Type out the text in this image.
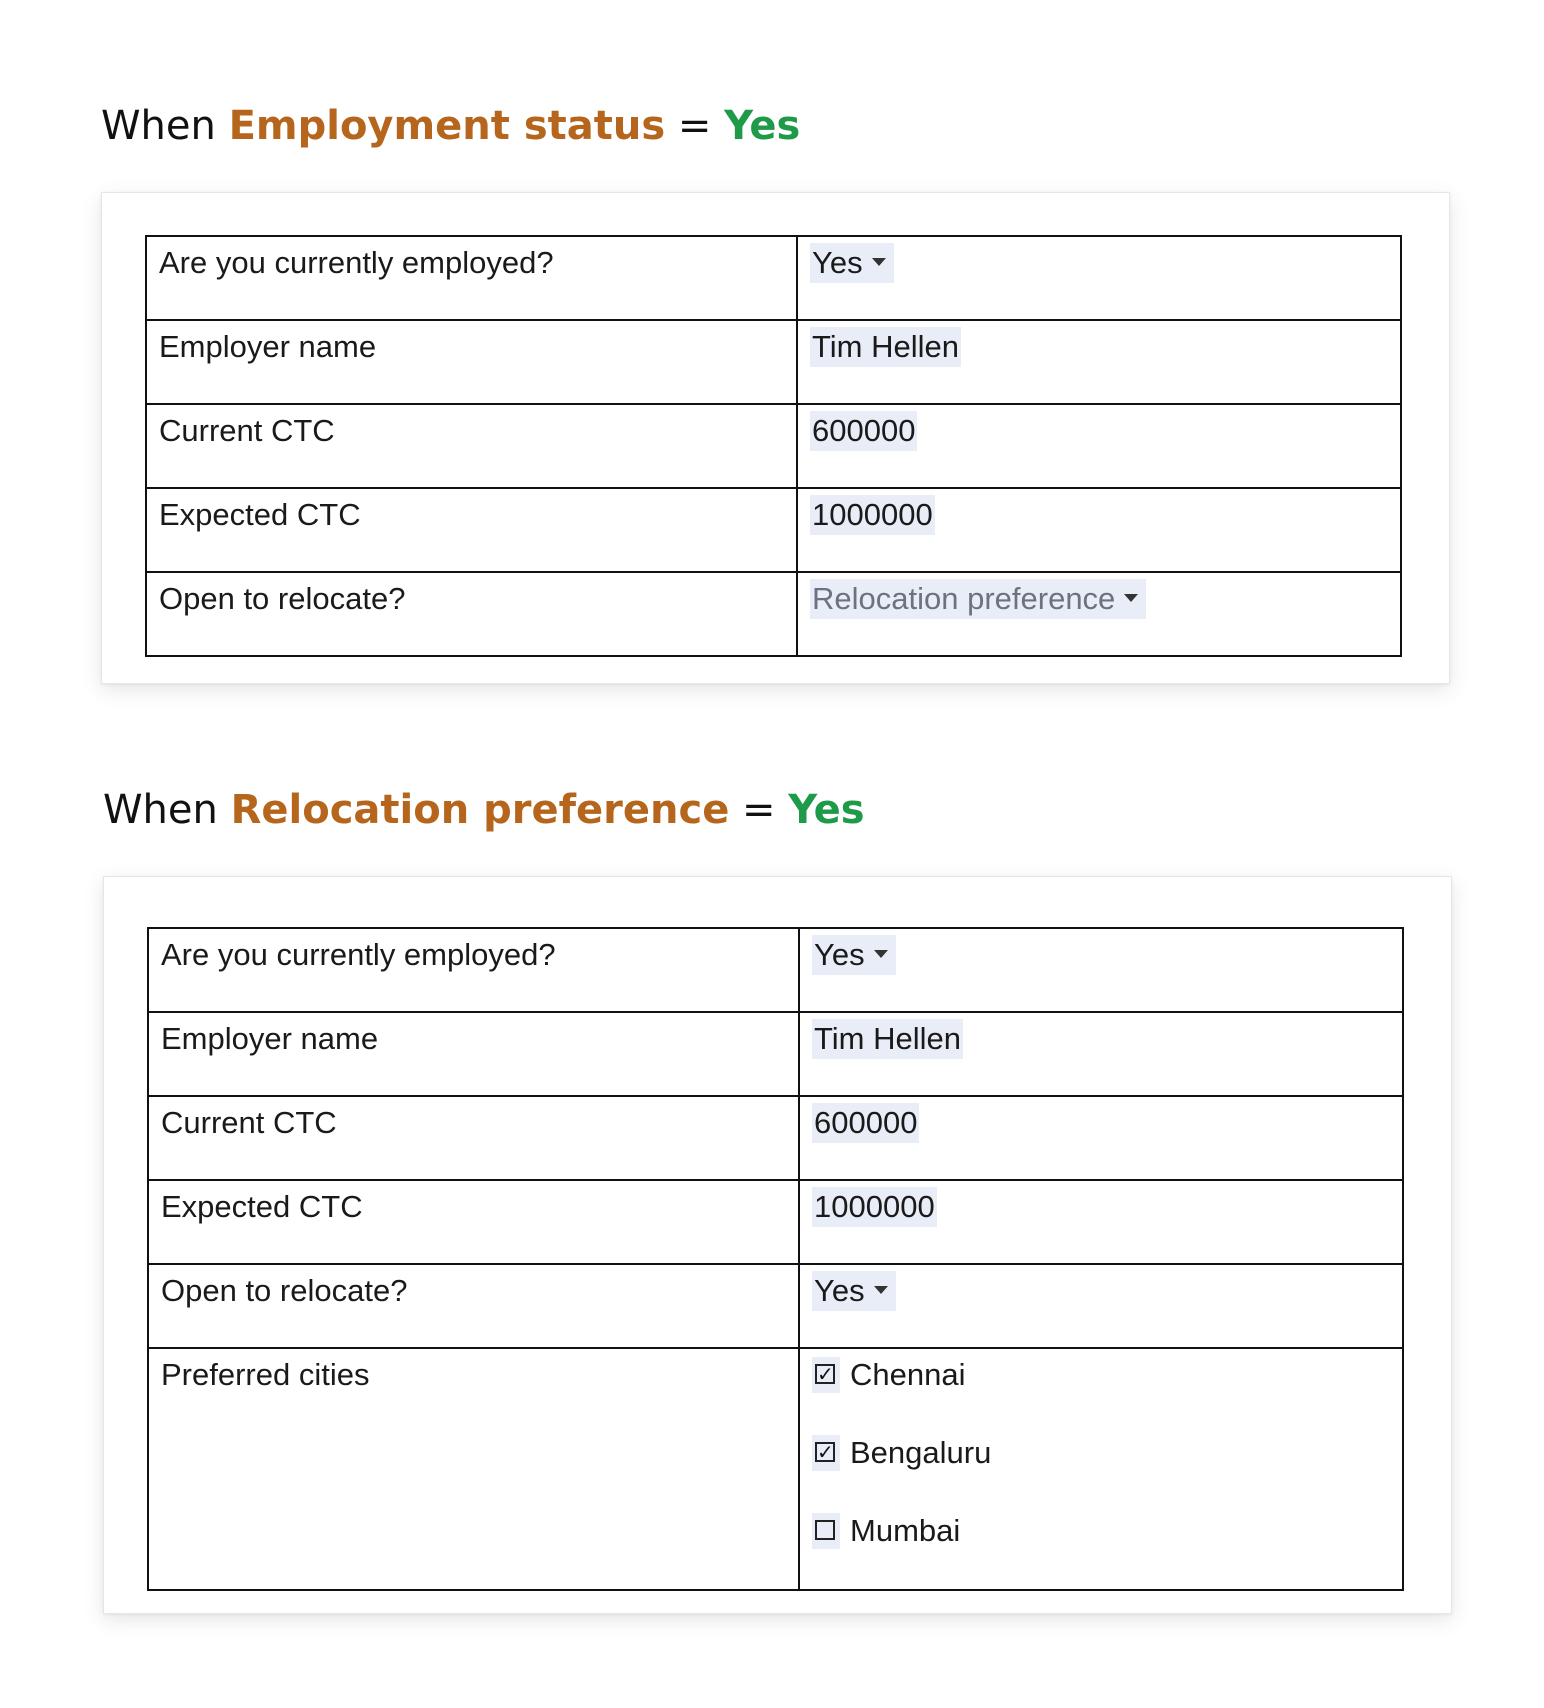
When Employment status = Yes
Are you currently employed?	Yes
Employer name	Tim Hellen
Current CTC	600000
Expected CTC	1000000
Open to relocate?	Relocation preference
When Relocation preference = Yes
Are you currently employed?	Yes
Employer name	Tim Hellen
Current CTC	600000
Expected CTC	1000000
Open to relocate?	Yes
Preferred cities	✓ Chennai
✓ Bengaluru
Mumbai
